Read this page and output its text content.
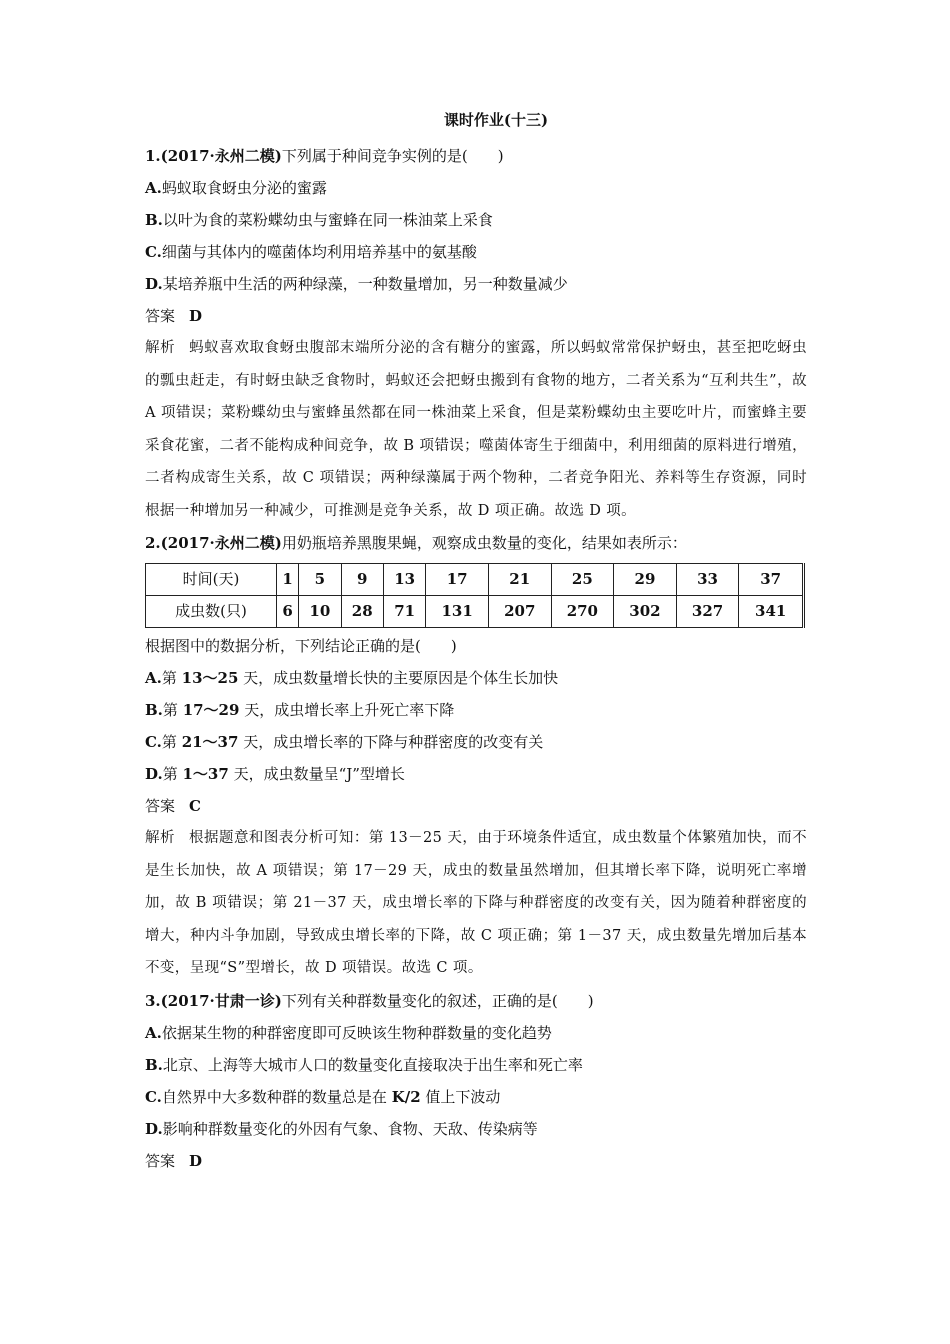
课时作业(十三)
1.(2017·永州二模)下列属于种间竞争实例的是(　　)
A.蚂蚁取食蚜虫分泌的蜜露
B.以叶为食的菜粉蝶幼虫与蜜蜂在同一株油菜上采食
C.细菌与其体内的噬菌体均利用培养基中的氨基酸
D.某培养瓶中生活的两种绿藻，一种数量增加，另一种数量减少
答案 D
解析 蚂蚁喜欢取食蚜虫腹部末端所分泌的含有糖分的蜜露，所以蚂蚁常常保护蚜虫，甚至把吃蚜虫的瓢虫赶走，有时蚜虫缺乏食物时，蚂蚁还会把蚜虫搬到有食物的地方，二者关系为“互利共生”，故 A 项错误；菜粉蝶幼虫与蜜蜂虽然都在同一株油菜上采食，但是菜粉蝶幼虫主要吃叶片，而蜜蜂主要采食花蜜，二者不能构成种间竞争，故 B 项错误；噬菌体寄生于细菌中，利用细菌的原料进行增殖，二者构成寄生关系，故 C 项错误；两种绿藻属于两个物种，二者竞争阳光、养料等生存资源，同时根据一种增加另一种减少，可推测是竞争关系，故 D 项正确。故选 D 项。
2.(2017·永州二模)用奶瓶培养黑腹果蝇，观察成虫数量的变化，结果如表所示：
时间(天)	1	5	9	13	17	21	25	29	33	37
成虫数(只)	6	10	28	71	131	207	270	302	327	341
根据图中的数据分析，下列结论正确的是(　　)
A.第 13～25 天，成虫数量增长快的主要原因是个体生长加快
B.第 17～29 天，成虫增长率上升死亡率下降
C.第 21～37 天，成虫增长率的下降与种群密度的改变有关
D.第 1～37 天，成虫数量呈“J”型增长
答案 C
解析 根据题意和图表分析可知：第 13－25 天，由于环境条件适宜，成虫数量个体繁殖加快，而不是生长加快，故 A 项错误；第 17－29 天，成虫的数量虽然增加，但其增长率下降，说明死亡率增加，故 B 项错误；第 21－37 天，成虫增长率的下降与种群密度的改变有关，因为随着种群密度的增大，种内斗争加剧，导致成虫增长率的下降，故 C 项正确；第 1－37 天，成虫数量先增加后基本不变，呈现“S”型增长，故 D 项错误。故选 C 项。
3.(2017·甘肃一诊)下列有关种群数量变化的叙述，正确的是(　　)
A.依据某生物的种群密度即可反映该生物种群数量的变化趋势
B.北京、上海等大城市人口的数量变化直接取决于出生率和死亡率
C.自然界中大多数种群的数量总是在 K/2 值上下波动
D.影响种群数量变化的外因有气象、食物、天敌、传染病等
答案 D
